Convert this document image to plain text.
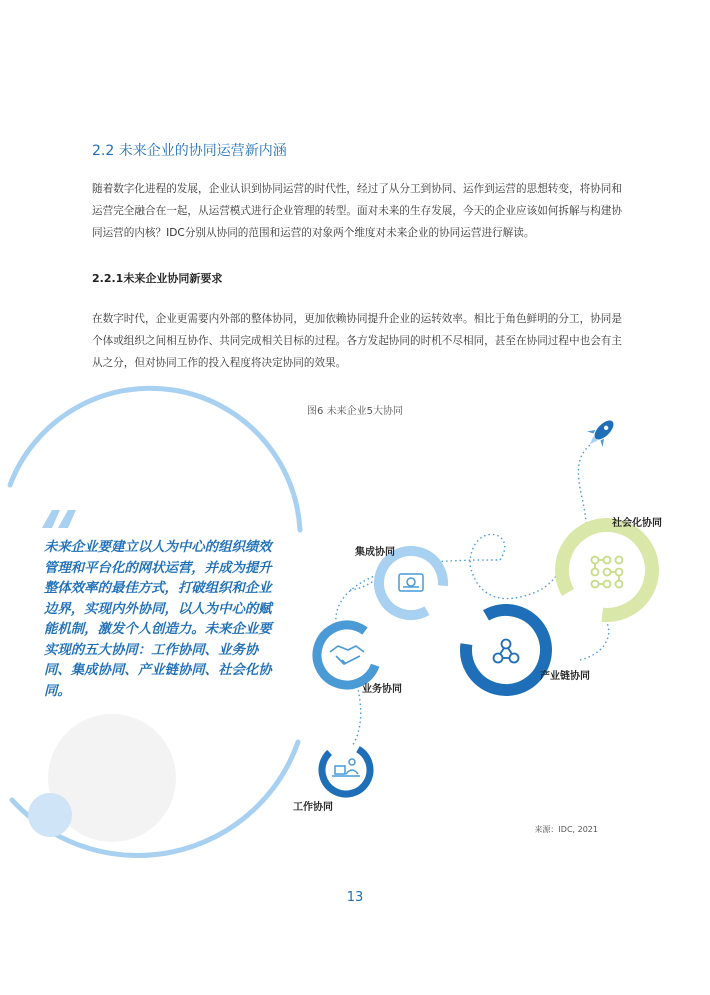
2.2 未来企业的协同运营新内涵
随着数字化进程的发展，企业认识到协同运营的时代性，经过了从分工到协同、运作到运营的思想转变，将协同和运营完全融合在一起，从运营模式进行企业管理的转型。面对未来的生存发展，今天的企业应该如何拆解与构建协同运营的内核？IDC分别从协同的范围和运营的对象两个维度对未来企业的协同运营进行解读。
2.2.1未来企业协同新要求
在数字时代，企业更需要内外部的整体协同，更加依赖协同提升企业的运转效率。相比于角色鲜明的分工，协同是个体或组织之间相互协作、共同完成相关目标的过程。各方发起协同的时机不尽相同，甚至在协同过程中也会有主从之分，但对协同工作的投入程度将决定协同的效果。
图6 未来企业5大协同
未来企业要建立以人为中心的组织绩效管理和平台化的网状运营，并成为提升整体效率的最佳方式，打破组织和企业边界，实现内外协同，以人为中心的赋能机制，激发个人创造力。未来企业要实现的五大协同：工作协同、业务协同、集成协同、产业链协同、社会化协同。
集成协同
社会化协同
业务协同
产业链协同
工作协同
来源：IDC, 2021
13
